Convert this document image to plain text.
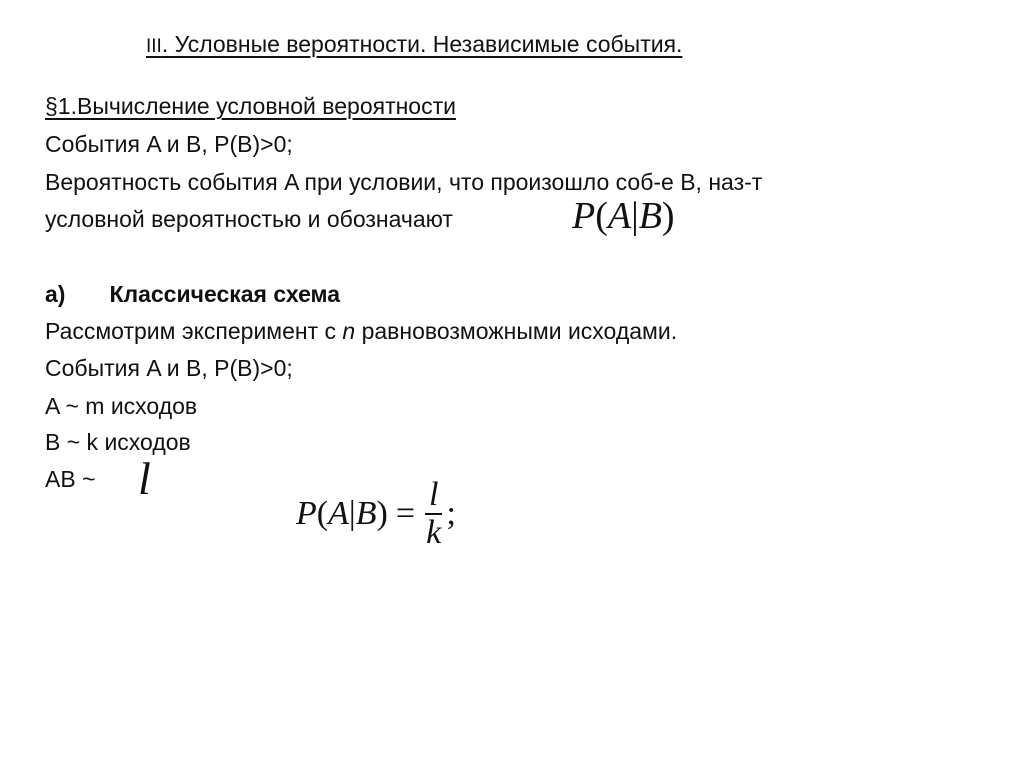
III. Условные вероятности. Независимые события.
§1.Вычисление условной вероятности
События A и B, P(B)>0;
Вероятность события A при условии, что произошло соб-е B, наз-т
условной вероятностью и обозначают	P(A|B)
а) Классическая схема
Рассмотрим эксперимент с n равновозможными исходами.
События A и B, P(B)>0;
A ~ m исходов
B ~ k исходов
AB ~ l
P ( A | B ) = $\frac{l}{k}$ ;
